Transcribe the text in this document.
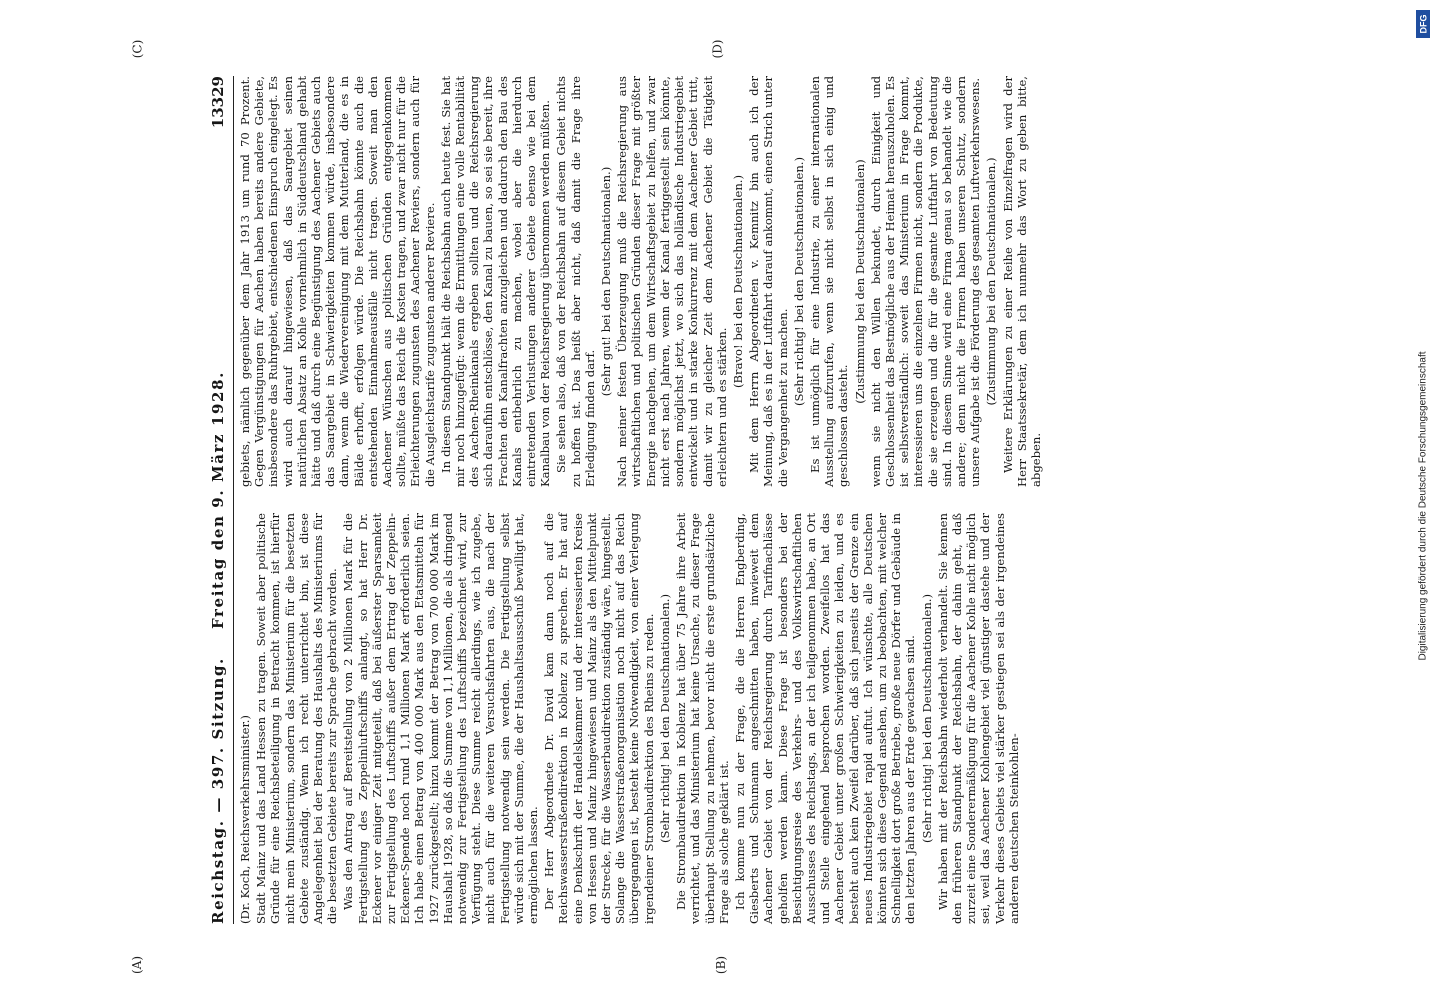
Reichstag. — 397. Sitzung.
Freitag den 9. März 1928.
13329

(Dr. Koch, Reichsverkehrsminister.) Stadt Mainz und das Land Hessen zu tragen. Soweit aber politische Gründe für eine Reichsbeteiligung in Betracht kommen, ist hierfür nicht mein Ministerium, sondern das Ministerium für die besetzten Gebiete zuständig. Wenn ich recht unterrichtet bin, ist diese Angelegenheit bei der Beratung des Haushalts des Ministeriums für die besetzten Gebiete bereits zur Sprache gebracht worden. Was den Antrag auf Bereitstellung von 2 Millionen Mark für die Fertigstellung des Zeppelinluftschiffs anlangt, so hat Herr Dr. Eckener vor einiger Zeit mitgeteilt, daß bei äußerster Sparsamkeit zur Fertigstellung des Luftschiffs außer dem Ertrag der Zeppelin-Eckener-Spende noch rund 1,1 Millionen Mark erforderlich seien. Ich habe einen Betrag von 400 000 Mark aus den Etatsmitteln für 1927 zurückgestellt; hinzu kommt der Betrag von 700 000 Mark im Haushalt 1928, so daß die Summe von 1,1 Millionen, die als dringend notwendig zur Fertigstellung des Luftschiffs bezeichnet wird, zur Verfügung steht. Diese Summe reicht allerdings, wie ich zugebe, nicht auch für die weiteren Versuchsfahrten aus, die nach der Fertigstellung notwendig sein werden. Die Fertigstellung selbst würde sich mit der Summe, die der Haushaltsausschuß bewilligt hat, ermöglichen lassen. Der Herr Abgeordnete Dr. David kam dann noch auf die Reichswasserstraßendirektion in Koblenz zu sprechen. Er hat auf eine Denkschrift der Handelskammer und der interessierten Kreise von Hessen und Mainz hingewiesen und Mainz als den Mittelpunkt der Strecke, für die Wasserbaudirektion zuständig wäre, hingestellt. Solange die Wasserstraßenorganisation noch nicht auf das Reich übergegangen ist, besteht keine Notwendigkeit, von einer Verlegung irgendeiner Strombaudirektion des Rheins zu reden. (Sehr richtig! bei den Deutschnationalen.) Die Strombaudirektion in Koblenz hat über 75 Jahre ihre Arbeit verrichtet, und das Ministerium hat keine Ursache, zu dieser Frage überhaupt Stellung zu nehmen, bevor nicht die erste grundsätzliche Frage als solche geklärt ist. Ich komme nun zu der Frage, die die Herren Engberding, Giesberts und Schumann angeschnitten haben, inwieweit dem Aachener Gebiet von der Reichsregierung durch Tarifnachlässe geholfen werden kann. Diese Frage ist besonders bei der Besichtigungsreise des Verkehrs- und des Volkswirtschaftlichen Ausschusses des Reichstags, an der ich teilgenommen habe, an Ort und Stelle eingehend besprochen worden. Zweifellos hat das Aachener Gebiet unter großen Schwierigkeiten zu leiden, und es besteht auch kein Zweifel darüber, daß sich jenseits der Grenze ein neues Industriegebiet rapid auftut. Ich wünschte, alle Deutschen könnten sich diese Gegend ansehen, um zu beobachten, mit welcher Schnelligkeit dort große Betriebe, große neue Dörfer und Gebäude in den letzten Jahren aus der Erde gewachsen sind. (Sehr richtig! bei den Deutschnationalen.) Wir haben mit der Reichsbahn wiederholt verhandelt. Sie kennen den früheren Standpunkt der Reichsbahn, der dahin geht, daß zurzeit eine Sonderermäßigung für die Aachener Kohle nicht möglich sei, weil das Aachener Kohlengebiet viel günstiger dastehe und der Verkehr dieses Gebiets viel stärker gestiegen sei als der irgendeines anderen deutschen Steinkohlen-

gebiets, nämlich gegenüber dem Jahr 1913 um rund 70 Prozent. Gegen Vergünstigungen für Aachen haben bereits andere Gebiete, insbesondere das Ruhrgebiet, entschiedenen Einspruch eingelegt. Es wird auch darauf hingewiesen, daß das Saargebiet seinen natürlichen Absatz an Kohle vornehmlich in Süddeutschland gehabt hätte und daß durch eine Begünstigung des Aachener Gebiets auch das Saargebiet in Schwierigkeiten kommen würde, insbesondere dann, wenn die Wiedervereinigung mit dem Mutterland, die es in Bälde erhofft, erfolgen würde. Die Reichsbahn könnte auch die entstehenden Einnahmeausfälle nicht tragen. Soweit man den Aachener Wünschen aus politischen Gründen entgegenkommen sollte, müßte das Reich die Kosten tragen, und zwar nicht nur für die Erleichterungen zugunsten des Aachener Reviers, sondern auch für die Ausgleichstarife zugunsten anderer Reviere. In diesem Standpunkt hält die Reichsbahn auch heute fest. Sie hat mir noch hinzugefügt: wenn die Ermittlungen eine volle Rentabilität des Aachen-Rheinkanals ergeben sollten und die Reichsregierung sich daraufhin entschlösse, den Kanal zu bauen, so sei sie bereit, ihre Frachten den Kanalfrachten anzugleichen und dadurch den Bau des Kanals entbehrlich zu machen, wobei aber die hierdurch eintretenden Verlustungen anderer Gebiete ebenso wie bei dem Kanalbau von der Reichsregierung übernommen werden müßten. Sie sehen also, daß von der Reichsbahn auf diesem Gebiet nichts zu hoffen ist. Das heißt aber nicht, daß damit die Frage ihre Erledigung finden darf.

(Sehr gut! bei den Deutschnationalen.) Nach meiner festen Überzeugung muß die Reichsregierung aus wirtschaftlichen und politischen Gründen dieser Frage mit größter Energie nachgehen, um dem Wirtschaftsgebiet zu helfen, und zwar nicht erst nach Jahren, wenn der Kanal fertiggestellt sein könnte, sondern möglichst jetzt, wo sich das holländische Industriegebiet entwickelt und in starke Konkurrenz mit dem Aachener Gebiet tritt, damit wir zu gleicher Zeit dem Aachener Gebiet die Tätigkeit erleichtern und es stärken.

(Bravo! bei den Deutschnationalen.) Mit dem Herrn Abgeordneten v. Kemnitz bin auch ich der Meinung, daß es in der Luftfahrt darauf ankommt, einen Strich unter die Vergangenheit zu machen. (Sehr richtig! bei den Deutschnationalen.) Es ist unmöglich für eine Industrie, zu einer internationalen Ausstellung aufzurufen, wenn sie nicht selbst in sich einig und geschlossen dasteht.

(Zustimmung bei den Deutschnationalen) wenn sie nicht den Willen bekundet, durch Einigkeit und Geschlossenheit das Bestmögliche aus der Heimat herauszuholen. Es ist selbstverständlich: soweit das Ministerium in Frage kommt, interessieren uns die einzelnen Firmen nicht, sondern die Produkte, die sie erzeugen und die für die gesamte Luftfahrt von Bedeutung sind. In diesem Sinne wird eine Firma genau so behandelt wie die andere; denn nicht die Firmen haben unseren Schutz, sondern unsere Aufgabe ist die Förderung des gesamten Luftverkehrswesens. (Zustimmung bei den Deutschnationalen.) Weitere Erklärungen zu einer Reihe von Einzelfragen wird der Herr Staatssekretär, dem ich nunmehr das Wort zu geben bitte, abgeben.

(A)	(B)
(C)	(D)
DFG
Digitalisierung gefördert durch die Deutsche Forschungsgemeinschaft
